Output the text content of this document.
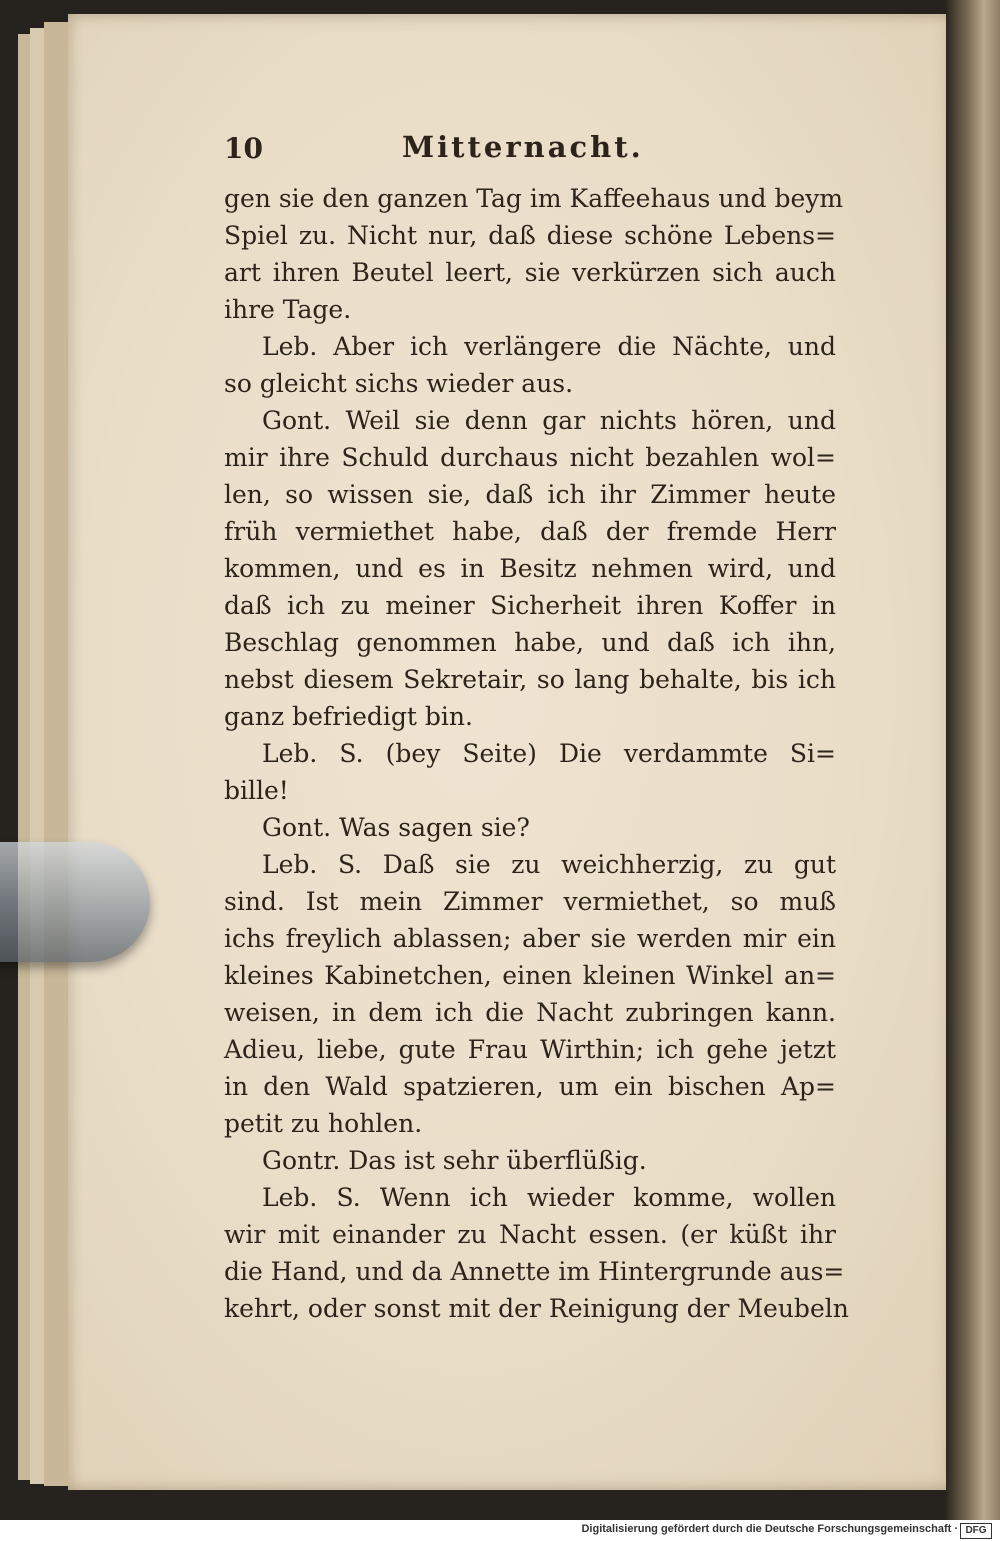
10	Mitternacht.
gen sie den ganzen Tag im Kaffeehaus und beym
Spiel zu. Nicht nur, daß diese schöne Lebens=
art ihren Beutel leert, sie verkürzen sich auch
ihre Tage.
Leb. Aber ich verlängere die Nächte, und
so gleicht sichs wieder aus.
Gont. Weil sie denn gar nichts hören, und
mir ihre Schuld durchaus nicht bezahlen wol=
len, so wissen sie, daß ich ihr Zimmer heute
früh vermiethet habe, daß der fremde Herr
kommen, und es in Besitz nehmen wird, und
daß ich zu meiner Sicherheit ihren Koffer in
Beschlag genommen habe, und daß ich ihn,
nebst diesem Sekretair, so lang behalte, bis ich
ganz befriedigt bin.
Leb. S. (bey Seite) Die verdammte Si=
bille!
Gont. Was sagen sie?
Leb. S. Daß sie zu weichherzig, zu gut
sind. Ist mein Zimmer vermiethet, so muß
ichs freylich ablassen; aber sie werden mir ein
kleines Kabinetchen, einen kleinen Winkel an=
weisen, in dem ich die Nacht zubringen kann.
Adieu, liebe, gute Frau Wirthin; ich gehe jetzt
in den Wald spatzieren, um ein bischen Ap=
petit zu hohlen.
Gontr. Das ist sehr überflüßig.
Leb. S. Wenn ich wieder komme, wollen
wir mit einander zu Nacht essen. (er küßt ihr
die Hand, und da Annette im Hintergrunde aus=
kehrt, oder sonst mit der Reinigung der Meubeln
Digitalisierung gefördert durch die Deutsche Forschungsgemeinschaft · DFG
